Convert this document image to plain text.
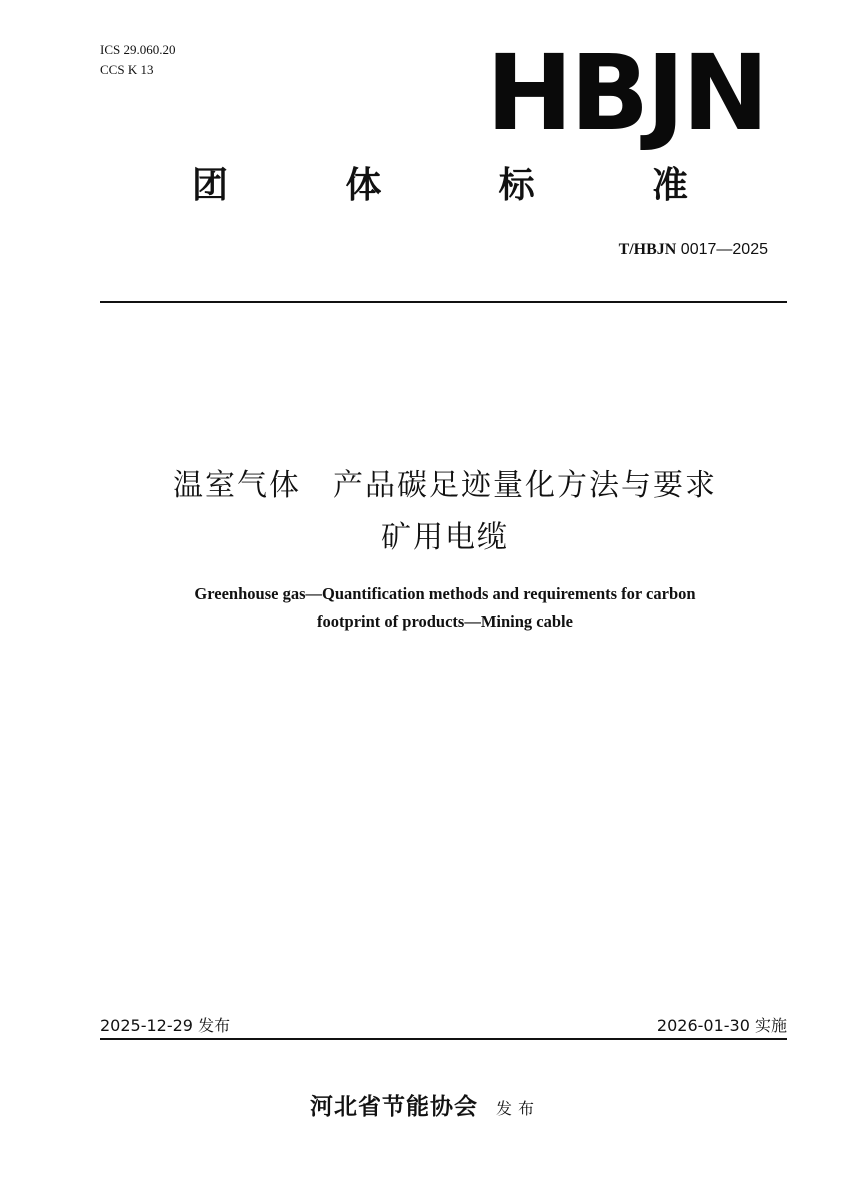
ICS 29.060.20
CCS K 13	HBJN
团	体	标	准
T/HBJN 0017—2025
温室气体　产品碳足迹量化方法与要求
矿用电缆
Greenhouse gas—Quantification methods and requirements for carbon
footprint of products—Mining cable
2025-12-29 发布	2026-01-30 实施
河北省节能协会 发布
